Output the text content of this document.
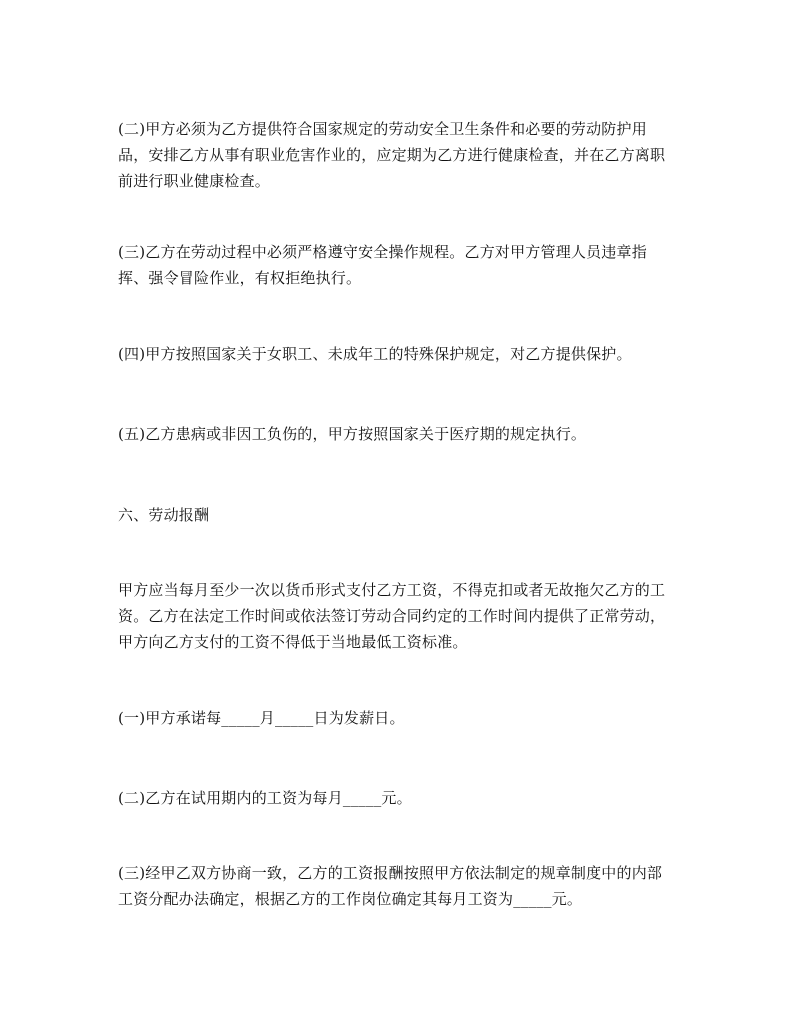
(二)甲方必须为乙方提供符合国家规定的劳动安全卫生条件和必要的劳动防护用
品，安排乙方从事有职业危害作业的，应定期为乙方进行健康检查，并在乙方离职
前进行职业健康检查。

(三)乙方在劳动过程中必须严格遵守安全操作规程。乙方对甲方管理人员违章指
挥、强令冒险作业，有权拒绝执行。

(四)甲方按照国家关于女职工、未成年工的特殊保护规定，对乙方提供保护。

(五)乙方患病或非因工负伤的，甲方按照国家关于医疗期的规定执行。

六、劳动报酬

甲方应当每月至少一次以货币形式支付乙方工资，不得克扣或者无故拖欠乙方的工
资。乙方在法定工作时间或依法签订劳动合同约定的工作时间内提供了正常劳动，
甲方向乙方支付的工资不得低于当地最低工资标准。

(一)甲方承诺每_____月_____日为发薪日。

(二)乙方在试用期内的工资为每月_____元。

(三)经甲乙双方协商一致，乙方的工资报酬按照甲方依法制定的规章制度中的内部
工资分配办法确定，根据乙方的工作岗位确定其每月工资为_____元。
